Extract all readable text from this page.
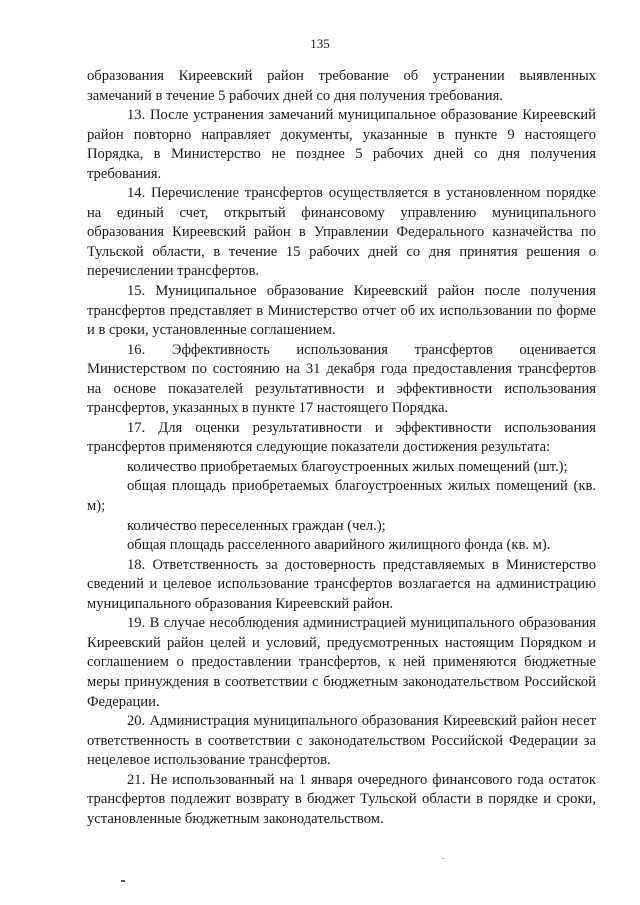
135

образования Киреевский район требование об устранении выявленных замечаний в течение 5 рабочих дней со дня получения требования.

13. После устранения замечаний муниципальное образование Киреевский район повторно направляет документы, указанные в пункте 9 настоящего Порядка, в Министерство не позднее 5 рабочих дней со дня получения требования.

14. Перечисление трансфертов осуществляется в установленном порядке на единый счет, открытый финансовому управлению муниципального образования Киреевский район в Управлении Федерального казначейства по Тульской области, в течение 15 рабочих дней со дня принятия решения о перечислении трансфертов.

15. Муниципальное образование Киреевский район после получения трансфертов представляет в Министерство отчет об их использовании по форме и в сроки, установленные соглашением.

16. Эффективность использования трансфертов оценивается Министерством по состоянию на 31 декабря года предоставления трансфертов на основе показателей результативности и эффективности использования трансфертов, указанных в пункте 17 настоящего Порядка.

17. Для оценки результативности и эффективности использования трансфертов применяются следующие показатели достижения результата:

количество приобретаемых благоустроенных жилых помещений (шт.);

общая площадь приобретаемых благоустроенных жилых помещений (кв. м);

количество переселенных граждан (чел.);

общая площадь расселенного аварийного жилищного фонда (кв. м).

18. Ответственность за достоверность представляемых в Министерство сведений и целевое использование трансфертов возлагается на администрацию муниципального образования Киреевский район.

19. В случае несоблюдения администрацией муниципального образования Киреевский район целей и условий, предусмотренных настоящим Порядком и соглашением о предоставлении трансфертов, к ней применяются бюджетные меры принуждения в соответствии с бюджетным законодательством Российской Федерации.

20. Администрация муниципального образования Киреевский район несет ответственность в соответствии с законодательством Российской Федерации за нецелевое использование трансфертов.

21. Не использованный на 1 января очередного финансового года остаток трансфертов подлежит возврату в бюджет Тульской области в порядке и сроки, установленные бюджетным законодательством.
